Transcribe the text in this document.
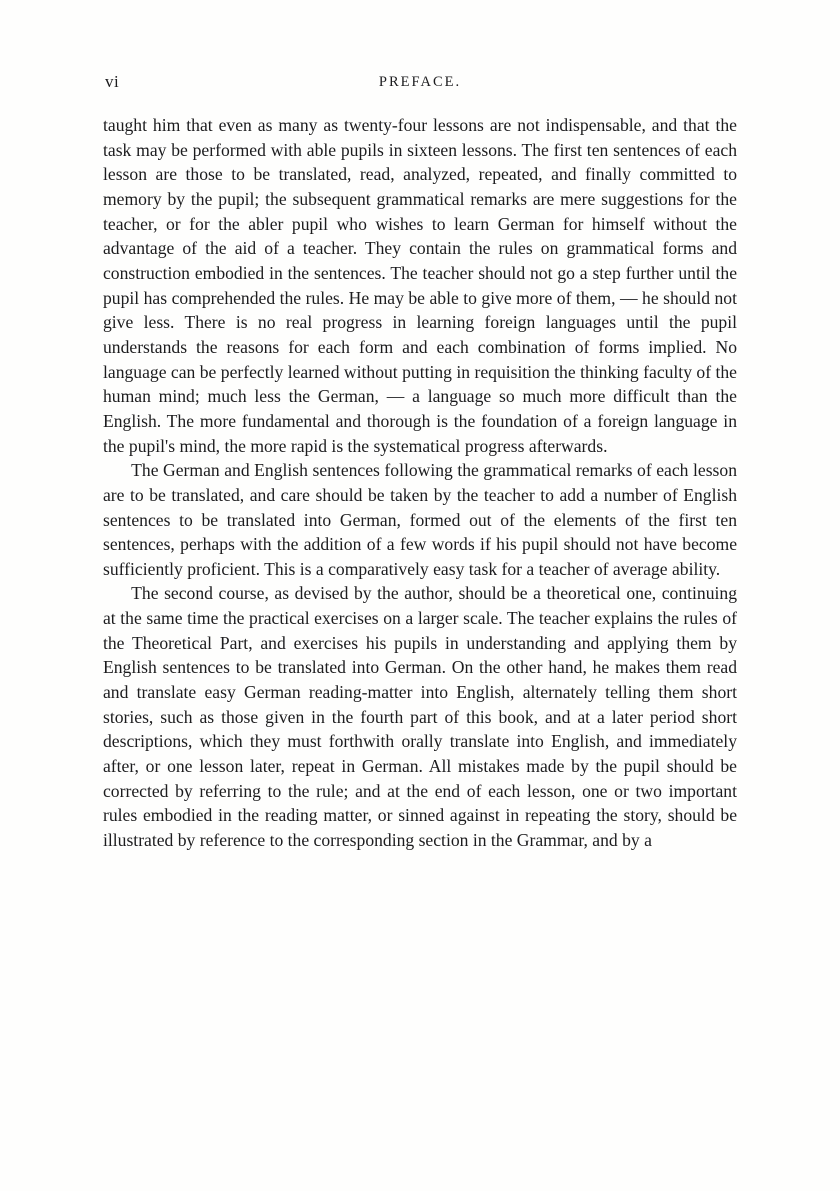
vi	PREFACE.

taught him that even as many as twenty-four lessons are not indispensable, and that the task may be performed with able pupils in sixteen lessons. The first ten sentences of each lesson are those to be translated, read, analyzed, repeated, and finally committed to memory by the pupil; the subsequent grammatical remarks are mere suggestions for the teacher, or for the abler pupil who wishes to learn German for himself without the advantage of the aid of a teacher. They contain the rules on grammatical forms and construction embodied in the sentences. The teacher should not go a step further until the pupil has comprehended the rules. He may be able to give more of them, — he should not give less. There is no real progress in learning foreign languages until the pupil understands the reasons for each form and each combination of forms implied. No language can be perfectly learned without putting in requisition the thinking faculty of the human mind; much less the German, — a language so much more difficult than the English. The more fundamental and thorough is the foundation of a foreign language in the pupil's mind, the more rapid is the systematical progress afterwards.

The German and English sentences following the grammatical remarks of each lesson are to be translated, and care should be taken by the teacher to add a number of English sentences to be translated into German, formed out of the elements of the first ten sentences, perhaps with the addition of a few words if his pupil should not have become sufficiently proficient. This is a comparatively easy task for a teacher of average ability.

The second course, as devised by the author, should be a theoretical one, continuing at the same time the practical exercises on a larger scale. The teacher explains the rules of the Theoretical Part, and exercises his pupils in understanding and applying them by English sentences to be translated into German. On the other hand, he makes them read and translate easy German reading-matter into English, alternately telling them short stories, such as those given in the fourth part of this book, and at a later period short descriptions, which they must forthwith orally translate into English, and immediately after, or one lesson later, repeat in German. All mistakes made by the pupil should be corrected by referring to the rule; and at the end of each lesson, one or two important rules embodied in the reading matter, or sinned against in repeating the story, should be illustrated by reference to the corresponding section in the Grammar, and by a
